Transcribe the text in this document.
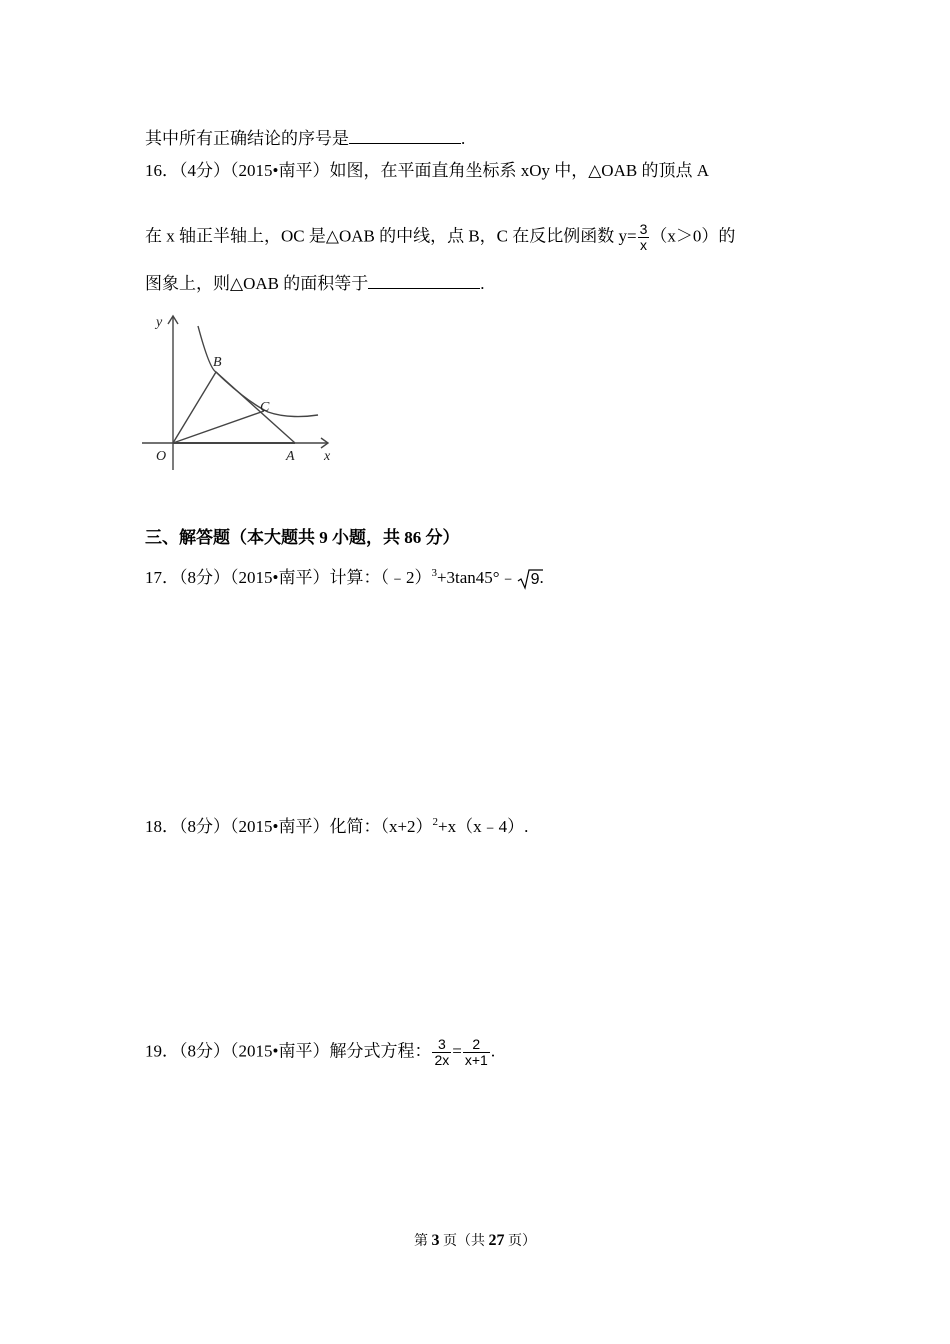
其中所有正确结论的序号是	.
16．（4分）（2015•南平）如图，在平面直角坐标系 xOy 中，△OAB 的顶点 A
在 x 轴正半轴上，OC 是△OAB 的中线，点 B，C 在反比例函数 $y= \frac{3}{x} (x>0)$的
图象上，则△OAB 的面积等于	.
y
x
O	A
B
C
三、解答题（本大题共 9 小题，共 86 分）
17．（8分）（2015•南平）计算：（﹣2）$^3$+3tan45°﹣ 9.
18．（8分）（2015•南平）化简：$(x+2)^2+x(x﹣4)$.
19．（8分）（2015•南平）解分式方程： $\frac{3}{2x} = \frac{2}{x+1}$ .
第 3 页（共 27 页）
